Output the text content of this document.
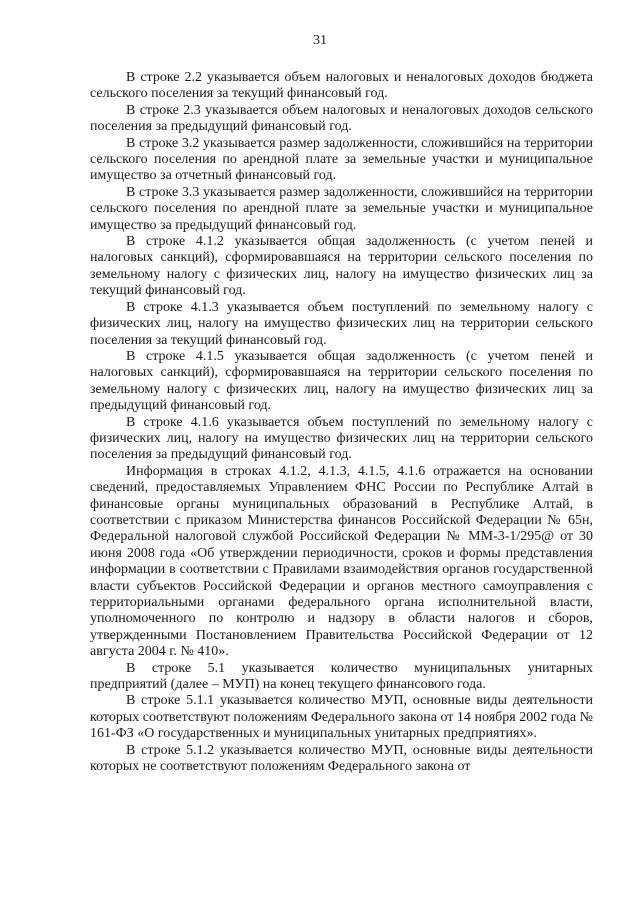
31

В строке 2.2 указывается объем налоговых и неналоговых доходов бюджета сельского поселения за текущий финансовый год.

В строке 2.3 указывается объем налоговых и неналоговых доходов сельского поселения за предыдущий финансовый год.

В строке 3.2 указывается размер задолженности, сложившийся на территории сельского поселения по арендной плате за земельные участки и муниципальное имущество за отчетный финансовый год.

В строке 3.3 указывается размер задолженности, сложившийся на территории сельского поселения по арендной плате за земельные участки и муниципальное имущество за предыдущий финансовый год.

В строке 4.1.2 указывается общая задолженность (с учетом пеней и налоговых санкций), сформировавшаяся на территории сельского поселения по земельному налогу с физических лиц, налогу на имущество физических лиц за текущий финансовый год.

В строке 4.1.3 указывается объем поступлений по земельному налогу с физических лиц, налогу на имущество физических лиц на территории сельского поселения за текущий финансовый год.

В строке 4.1.5 указывается общая задолженность (с учетом пеней и налоговых санкций), сформировавшаяся на территории сельского поселения по земельному налогу с физических лиц, налогу на имущество физических лиц за предыдущий финансовый год.

В строке 4.1.6 указывается объем поступлений по земельному налогу с физических лиц, налогу на имущество физических лиц на территории сельского поселения за предыдущий финансовый год.

Информация в строках 4.1.2, 4.1.3, 4.1.5, 4.1.6 отражается на основании сведений, предоставляемых Управлением ФНС России по Республике Алтай в финансовые органы муниципальных образований в Республике Алтай, в соответствии с приказом Министерства финансов Российской Федерации № 65н, Федеральной налоговой службой Российской Федерации № ММ-3-1/295@ от 30 июня 2008 года «Об утверждении периодичности, сроков и формы представления информации в соответствии с Правилами взаимодействия органов государственной власти субъектов Российской Федерации и органов местного самоуправления с территориальными органами федерального органа исполнительной власти, уполномоченного по контролю и надзору в области налогов и сборов, утвержденными Постановлением Правительства Российской Федерации от 12 августа 2004 г. № 410».

В строке 5.1 указывается количество муниципальных унитарных предприятий (далее – МУП) на конец текущего финансового года.

В строке 5.1.1 указывается количество МУП, основные виды деятельности которых соответствуют положениям Федерального закона от 14 ноября 2002 года № 161-ФЗ «О государственных и муниципальных унитарных предприятиях».

В строке 5.1.2 указывается количество МУП, основные виды деятельности которых не соответствуют положениям Федерального закона от
